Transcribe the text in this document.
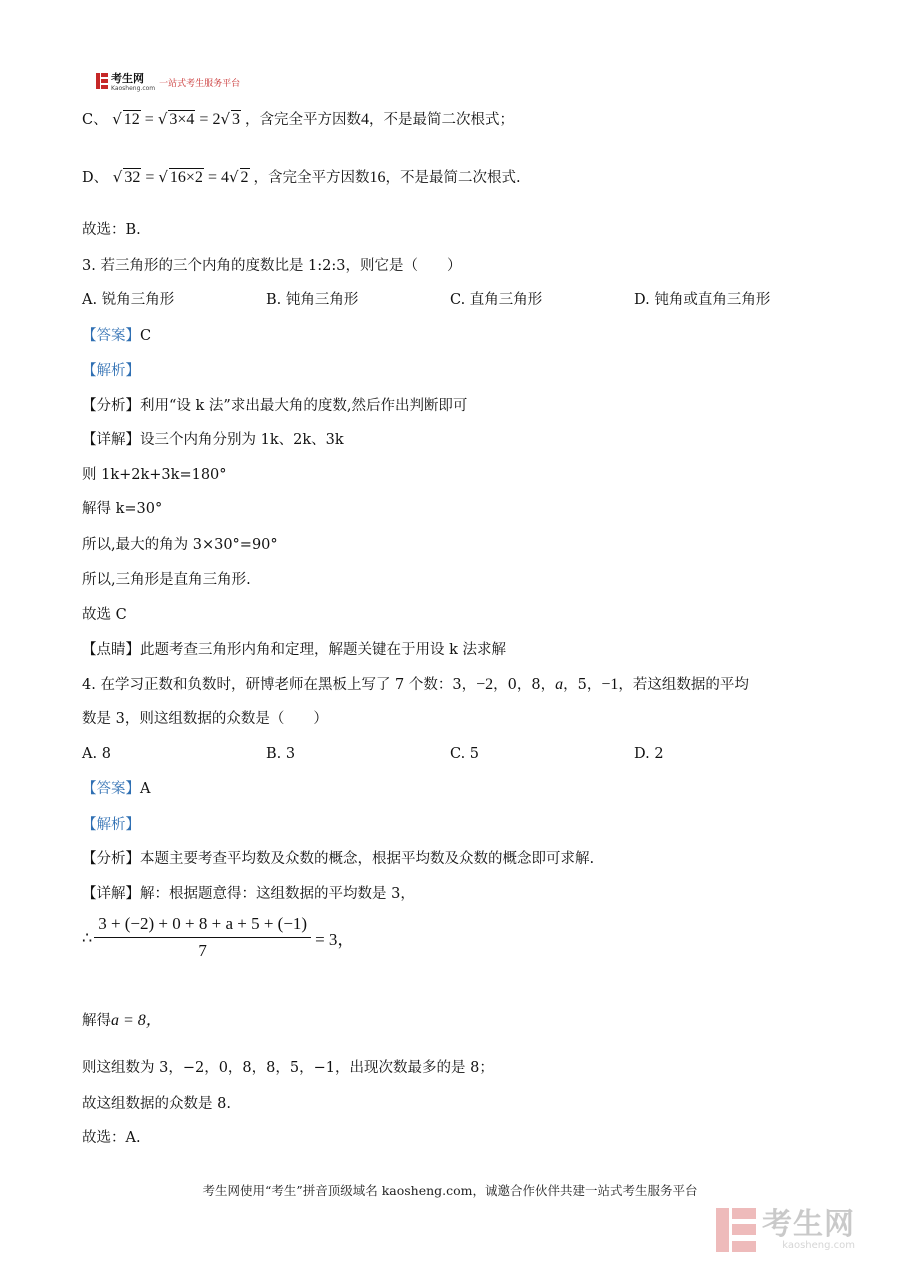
考生网
Kaosheng.com 一站式考生服务平台
C、 √ 12 = √ 3×4 = 2√ 3 ，含完全平方因数4，不是最简二次根式；
D、 √ 32 = √ 16×2 = 4√ 2 ，含完全平方因数16，不是最简二次根式.
故选：B.
3. 若三角形的三个内角的度数比是 1:2:3，则它是（　　）
A. 锐角三角形	B. 钝角三角形	C. 直角三角形	D. 钝角或直角三角形
【答案】C
【解析】
【分析】利用“设 k 法”求出最大角的度数,然后作出判断即可
【详解】设三个内角分别为 1k、2k、3k
则 1k+2k+3k=180°
解得 k=30°
所以,最大的角为 3×30°=90°
所以,三角形是直角三角形.
故选 C
【点睛】此题考查三角形内角和定理，解题关键在于用设 k 法求解
4. 在学习正数和负数时，研博老师在黑板上写了 7 个数：3，−2，0，8，a，5，−1，若这组数据的平均
数是 3，则这组数据的众数是（　　）
A. 8	B. 3	C. 5	D. 2
【答案】A
【解析】
【分析】本题主要考查平均数及众数的概念，根据平均数及众数的概念即可求解.
【详解】解：根据题意得：这组数据的平均数是 3，
∴ $\frac{3 + (-2) + 0 + 8 + a + 5 + (-1)}{7} = 3$，
解得a = 8，
则这组数为 3，−2，0，8，8，5，−1，出现次数最多的是 8；
故这组数据的众数是 8.
故选：A.
考生网使用“考生”拼音顶级域名 kaosheng.com，诚邀合作伙伴共建一站式考生服务平台
考生网
kaosheng.com
